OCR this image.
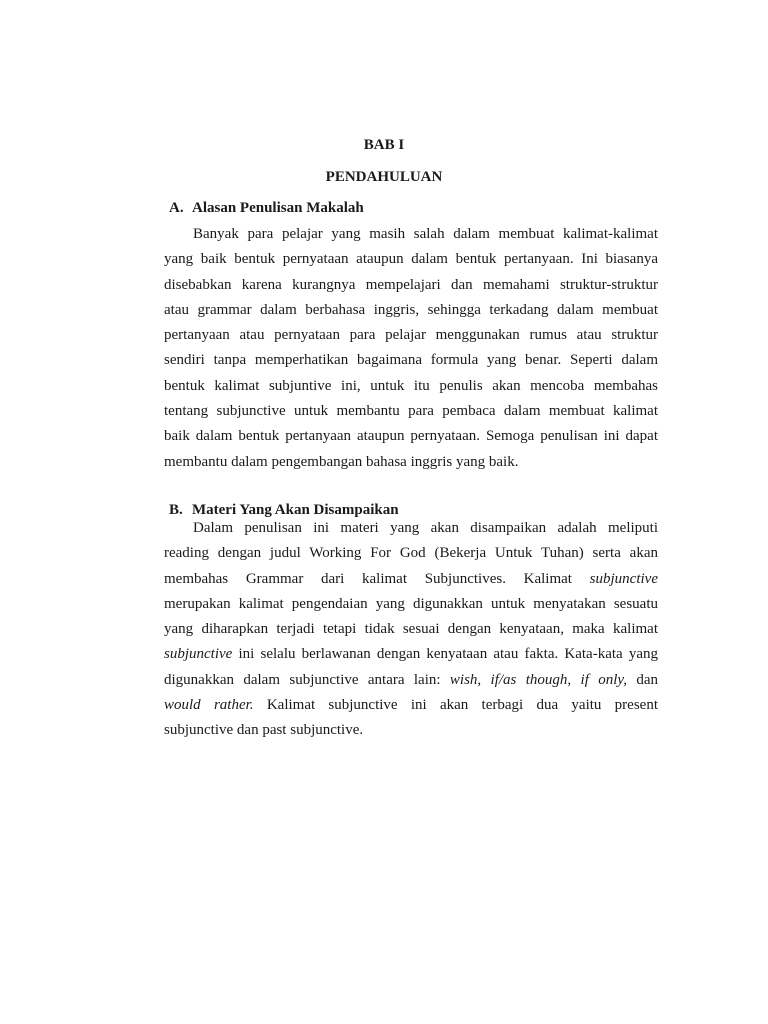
BAB I
PENDAHULUAN
A. Alasan Penulisan Makalah
Banyak para pelajar yang masih salah dalam membuat kalimat-kalimat
yang baik bentuk pernyataan ataupun dalam bentuk pertanyaan. Ini biasanya
disebabkan karena kurangnya mempelajari dan memahami struktur-struktur
atau grammar dalam berbahasa inggris, sehingga terkadang dalam membuat
pertanyaan atau pernyataan para pelajar menggunakan rumus atau struktur
sendiri tanpa memperhatikan bagaimana formula yang benar. Seperti dalam
bentuk kalimat subjuntive ini, untuk itu penulis akan mencoba membahas
tentang subjunctive untuk membantu para pembaca dalam membuat kalimat
baik dalam bentuk pertanyaan ataupun pernyataan. Semoga penulisan ini dapat
membantu dalam pengembangan bahasa inggris yang baik.
B. Materi Yang Akan Disampaikan
Dalam penulisan ini materi yang akan disampaikan adalah meliputi
reading dengan judul Working For God (Bekerja Untuk Tuhan) serta akan
membahas Grammar dari kalimat Subjunctives. Kalimat subjunctive
merupakan kalimat pengendaian yang digunakkan untuk menyatakan sesuatu
yang diharapkan terjadi tetapi tidak sesuai dengan kenyataan, maka kalimat
subjunctive ini selalu berlawanan dengan kenyataan atau fakta. Kata-kata yang
digunakkan dalam subjunctive antara lain: wish, if/as though, if only, dan
would rather. Kalimat subjunctive ini akan terbagi dua yaitu present
subjunctive dan past subjunctive.
